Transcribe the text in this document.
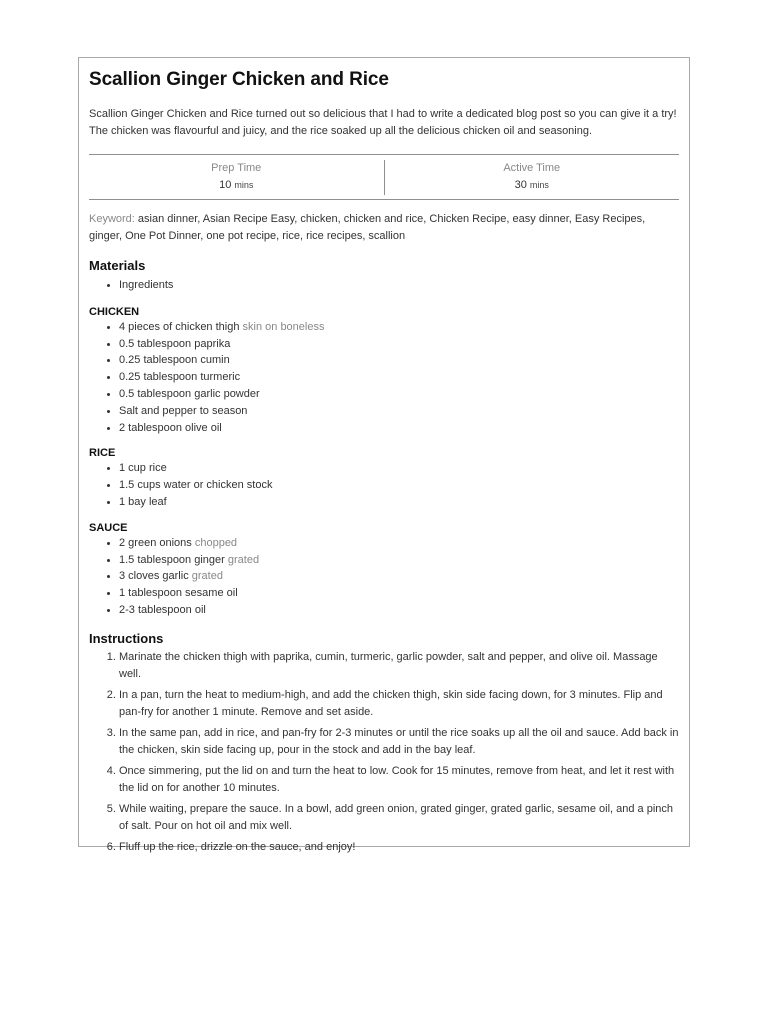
Scallion Ginger Chicken and Rice

Scallion Ginger Chicken and Rice turned out so delicious that I had to write a dedicated blog post so you can give it a try! The chicken was flavourful and juicy, and the rice soaked up all the delicious chicken oil and seasoning.

Prep Time
10 mins
Active Time
30 mins

Keyword: asian dinner, Asian Recipe Easy, chicken, chicken and rice, Chicken Recipe, easy dinner, Easy Recipes, ginger, One Pot Dinner, one pot recipe, rice, rice recipes, scallion

Materials
• Ingredients
CHICKEN
• 4 pieces of chicken thigh skin on boneless
• 0.5 tablespoon paprika
• 0.25 tablespoon cumin
• 0.25 tablespoon turmeric
• 0.5 tablespoon garlic powder
• Salt and pepper to season
• 2 tablespoon olive oil
RICE
• 1 cup rice
• 1.5 cups water or chicken stock
• 1 bay leaf
SAUCE
• 2 green onions chopped
• 1.5 tablespoon ginger grated
• 3 cloves garlic grated
• 1 tablespoon sesame oil
• 2-3 tablespoon oil
Instructions
1. Marinate the chicken thigh with paprika, cumin, turmeric, garlic powder, salt and pepper, and olive oil. Massage well.
2. In a pan, turn the heat to medium-high, and add the chicken thigh, skin side facing down, for 3 minutes. Flip and pan-fry for another 1 minute. Remove and set aside.
3. In the same pan, add in rice, and pan-fry for 2-3 minutes or until the rice soaks up all the oil and sauce. Add back in the chicken, skin side facing up, pour in the stock and add in the bay leaf.
4. Once simmering, put the lid on and turn the heat to low. Cook for 15 minutes, remove from heat, and let it rest with the lid on for another 10 minutes.
5. While waiting, prepare the sauce. In a bowl, add green onion, grated ginger, grated garlic, sesame oil, and a pinch of salt. Pour on hot oil and mix well.
6. Fluff up the rice, drizzle on the sauce, and enjoy!
